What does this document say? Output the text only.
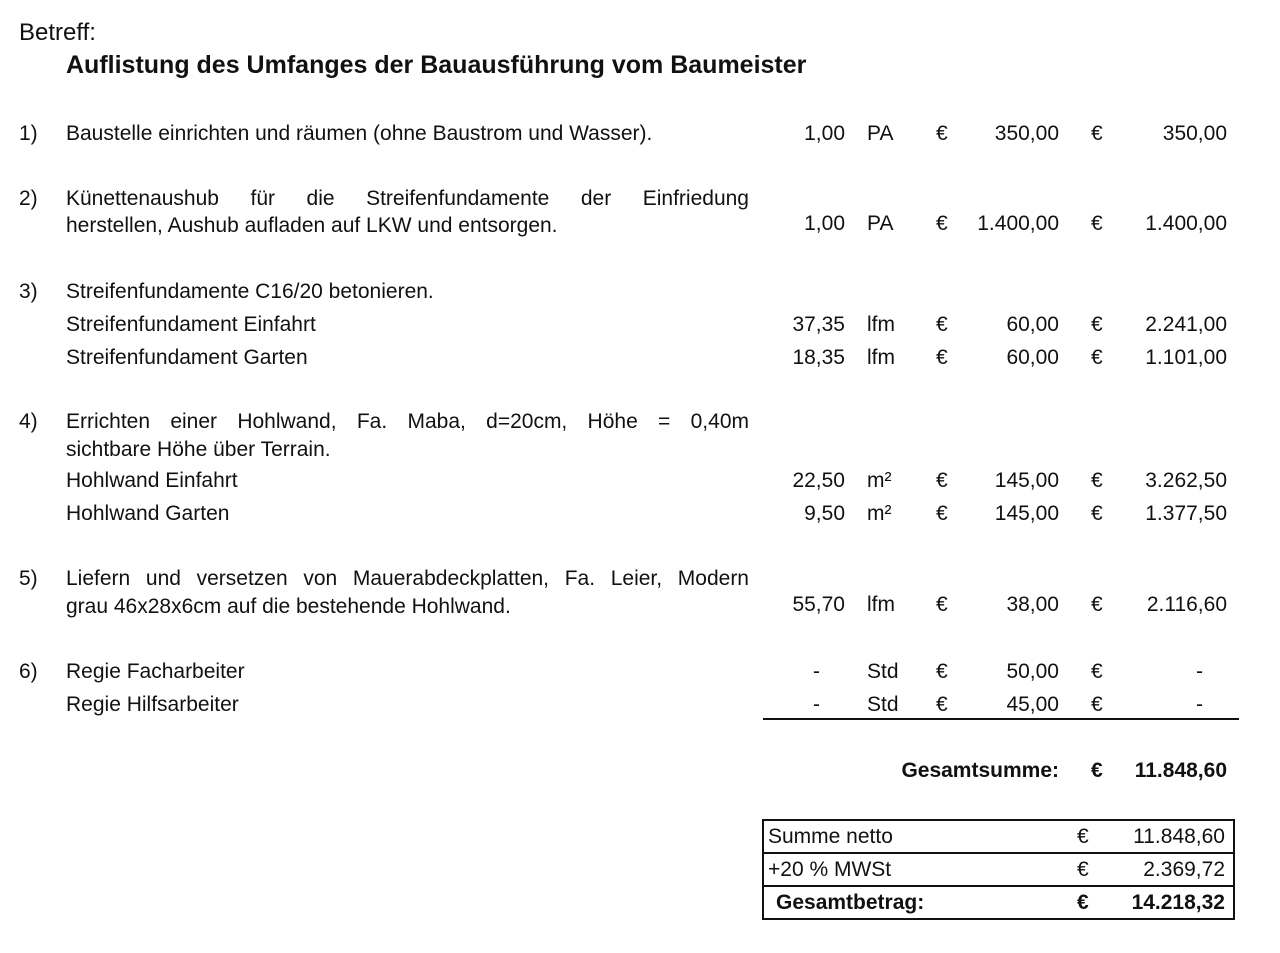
Betreff:
Auflistung des Umfanges der Bauausführung vom Baumeister
1) Baustelle einrichten und räumen (ohne Baustrom und Wasser).	1,00 PA €	350,00 €	350,00
2) Künettenaushub für die Streifenfundamente der Einfriedung
herstellen, Aushub aufladen auf LKW und entsorgen.	1,00 PA €	1.400,00 €	1.400,00
3) Streifenfundamente C16/20 betonieren.
Streifenfundament Einfahrt	37,35 lfm €	60,00 €	2.241,00
Streifenfundament Garten	18,35 lfm €	60,00 €	1.101,00
4) Errichten einer Hohlwand, Fa. Maba, d=20cm, Höhe = 0,40m
sichtbare Höhe über Terrain.
Hohlwand Einfahrt	22,50 m² €	145,00 €	3.262,50
Hohlwand Garten	9,50 m² €	145,00 €	1.377,50
5) Liefern und versetzen von Mauerabdeckplatten, Fa. Leier, Modern
grau 46x28x6cm auf die bestehende Hohlwand.	55,70 lfm €	38,00 €	2.116,60
6) Regie Facharbeiter	- Std €	50,00 €	-
Regie Hilfsarbeiter	- Std €	45,00 €	-
Gesamtsumme: €	11.848,60
Summe netto	€	11.848,60
+20 % MWSt	€	2.369,72
Gesamtbetrag:	€	14.218,32
